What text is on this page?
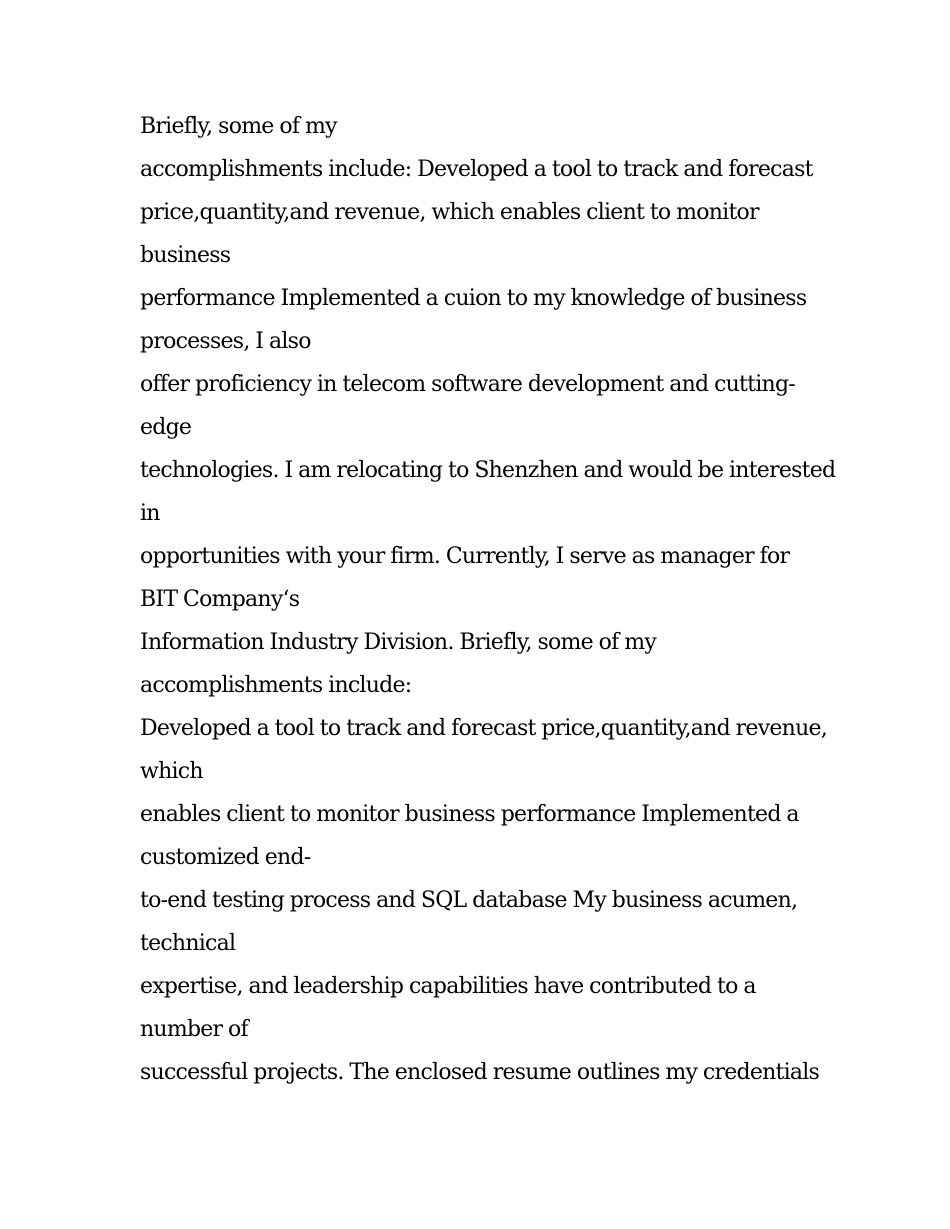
Briefly, some of my
accomplishments include: Developed a tool to track and forecast
price,quantity,and revenue, which enables client to monitor
business
performance Implemented a cuion to my knowledge of business
processes, I also
offer proficiency in telecom software development and cutting-
edge
technologies. I am relocating to Shenzhen and would be interested
in
opportunities with your firm. Currently, I serve as manager for
BIT Company‘s
Information Industry Division. Briefly, some of my
accomplishments include:
Developed a tool to track and forecast price,quantity,and revenue,
which
enables client to monitor business performance Implemented a
customized end-
to-end testing process and SQL database My business acumen,
technical
expertise, and leadership capabilities have contributed to a
number of
successful projects. The enclosed resume outlines my credentials
